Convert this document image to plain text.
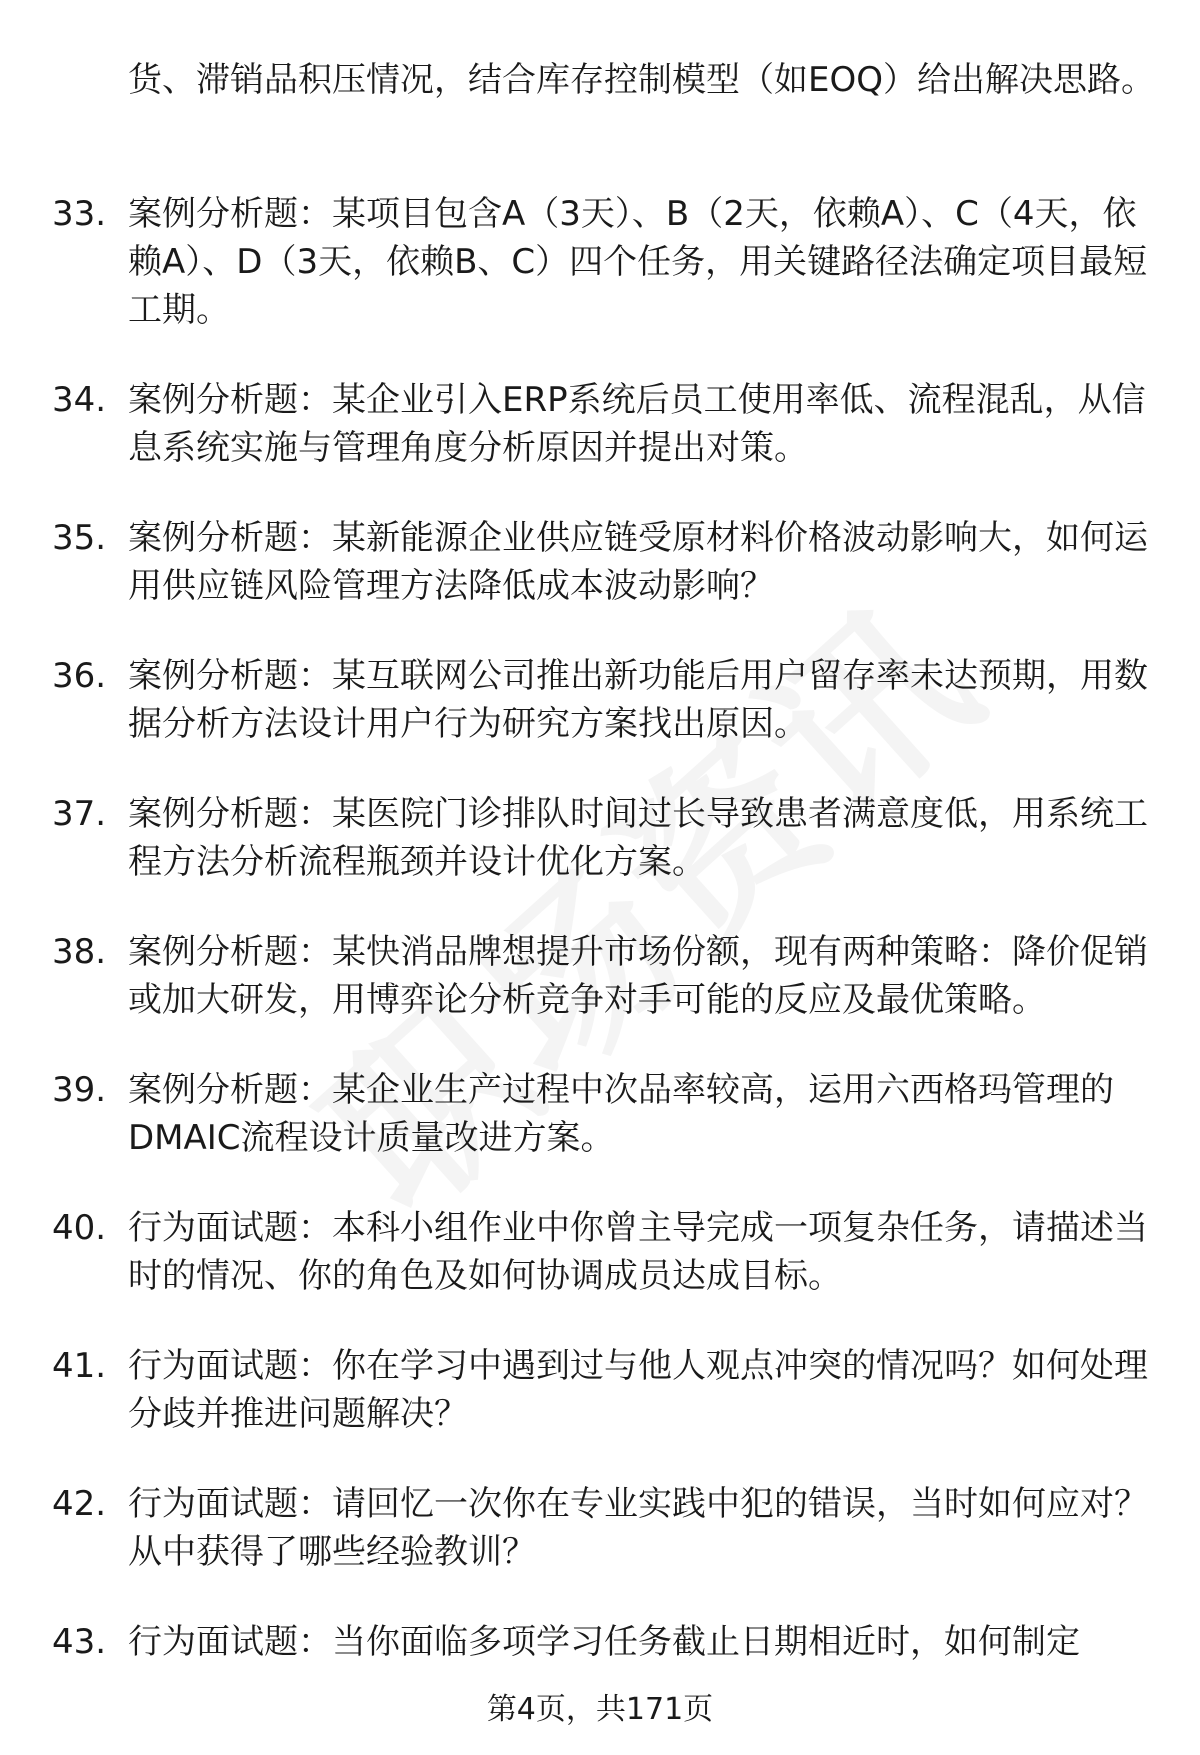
货、滞销品积压情况，结合库存控制模型（如EOQ）给出解决思路。

33. 案例分析题：某项目包含A（3天）、B（2天，依赖A）、C（4天，依赖A）、D（3天，依赖B、C）四个任务，用关键路径法确定项目最短工期。
34. 案例分析题：某企业引入ERP系统后员工使用率低、流程混乱，从信息系统实施与管理角度分析原因并提出对策。
35. 案例分析题：某新能源企业供应链受原材料价格波动影响大，如何运用供应链风险管理方法降低成本波动影响？
36. 案例分析题：某互联网公司推出新功能后用户留存率未达预期，用数据分析方法设计用户行为研究方案找出原因。
37. 案例分析题：某医院门诊排队时间过长导致患者满意度低，用系统工程方法分析流程瓶颈并设计优化方案。
38. 案例分析题：某快消品牌想提升市场份额，现有两种策略：降价促销或加大研发，用博弈论分析竞争对手可能的反应及最优策略。
39. 案例分析题：某企业生产过程中次品率较高，运用六西格玛管理的DMAIC流程设计质量改进方案。
40. 行为面试题：本科小组作业中你曾主导完成一项复杂任务，请描述当时的情况、你的角色及如何协调成员达成目标。
41. 行为面试题：你在学习中遇到过与他人观点冲突的情况吗？如何处理分歧并推进问题解决？
42. 行为面试题：请回忆一次你在专业实践中犯的错误，当时如何应对？从中获得了哪些经验教训？
43. 行为面试题：当你面临多项学习任务截止日期相近时，如何制定
第4页，共171页
